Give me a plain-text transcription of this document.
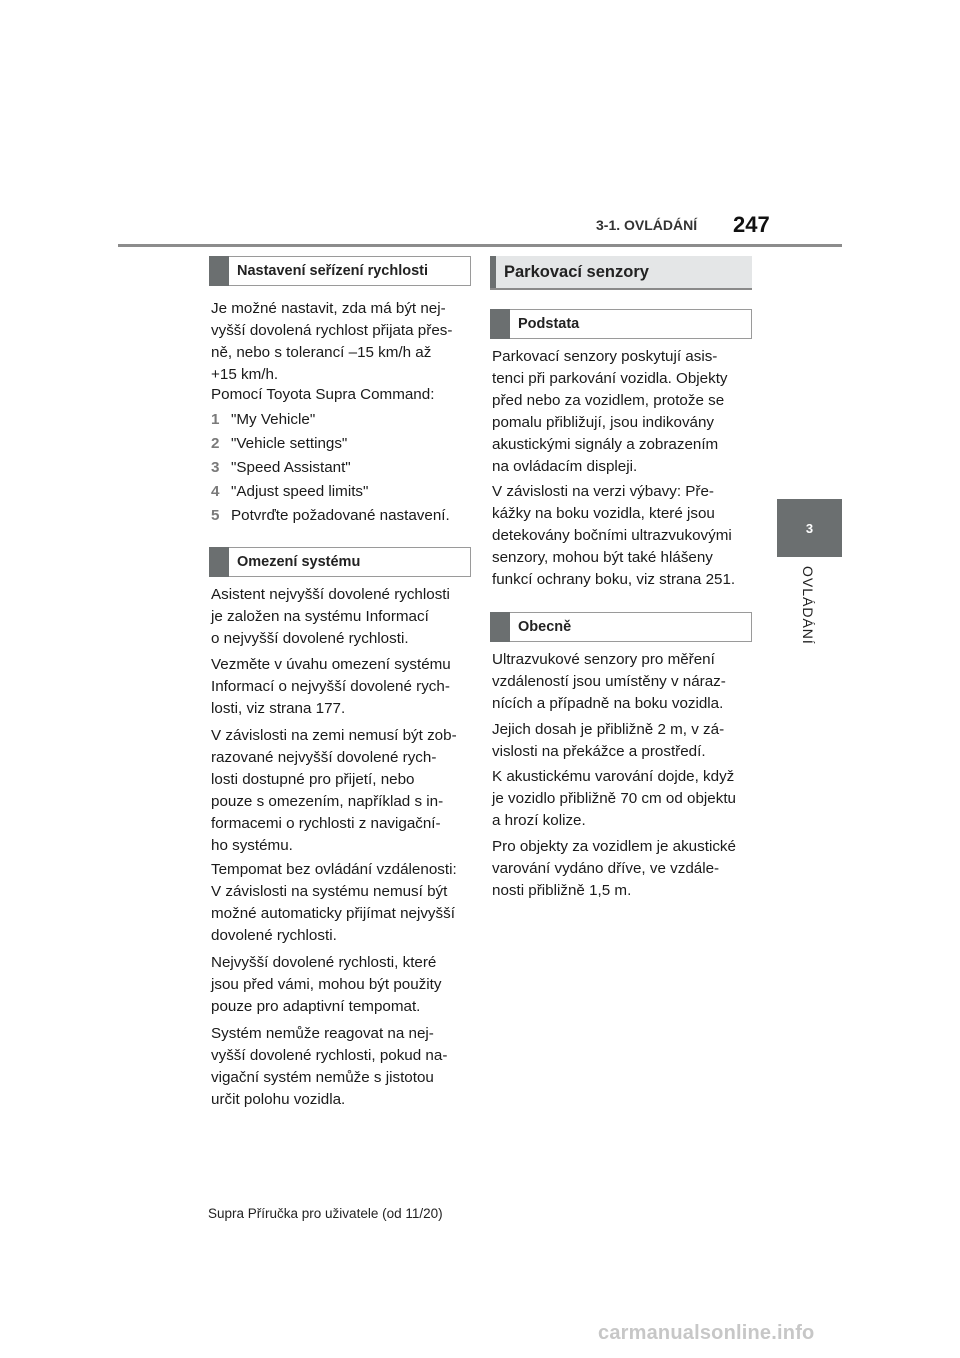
3-1. OVLÁDÁNÍ 247
3
OVLÁDÁNÍ
Nastavení seřízení rychlosti

Je možné nastavit, zda má být nej-
vyšší dovolená rychlost přijata přes-
ně, nebo s tolerancí –15 km/h až
+15 km/h.

Pomocí Toyota Supra Command:

1 "My Vehicle"
2 "Vehicle settings"
3 "Speed Assistant"
4 "Adjust speed limits"
5 Potvrďte požadované nastavení.
Omezení systému

Asistent nejvyšší dovolené rychlosti
je založen na systému Informací
o nejvyšší dovolené rychlosti.

Vezměte v úvahu omezení systému
Informací o nejvyšší dovolené rych-
losti, viz strana 177.

V závislosti na zemi nemusí být zob-
razované nejvyšší dovolené rych-
losti dostupné pro přijetí, nebo
pouze s omezením, například s in-
formacemi o rychlosti z navigační-
ho systému.

Tempomat bez ovládání vzdálenosti:
V závislosti na systému nemusí být
možné automaticky přijímat nejvyšší
dovolené rychlosti.

Nejvyšší dovolené rychlosti, které
jsou před vámi, mohou být použity
pouze pro adaptivní tempomat.

Systém nemůže reagovat na nej-
vyšší dovolené rychlosti, pokud na-
vigační systém nemůže s jistotou
určit polohu vozidla.

Parkovací senzory
Podstata

Parkovací senzory poskytují asis-
tenci při parkování vozidla. Objekty
před nebo za vozidlem, protože se
pomalu přibližují, jsou indikovány
akustickými signály a zobrazením
na ovládacím displeji.

V závislosti na verzi výbavy: Pře-
kážky na boku vozidla, které jsou
detekovány bočními ultrazvukovými
senzory, mohou být také hlášeny
funkcí ochrany boku, viz strana 251.

Obecně

Ultrazvukové senzory pro měření
vzdáleností jsou umístěny v náraz-
nících a případně na boku vozidla.

Jejich dosah je přibližně 2 m, v zá-
vislosti na překážce a prostředí.

K akustickému varování dojde, když
je vozidlo přibližně 70 cm od objektu
a hrozí kolize.

Pro objekty za vozidlem je akustické
varování vydáno dříve, ve vzdále-
nosti přibližně 1,5 m.

Supra Příručka pro uživatele (od 11/20)
carmanualsonline.info
